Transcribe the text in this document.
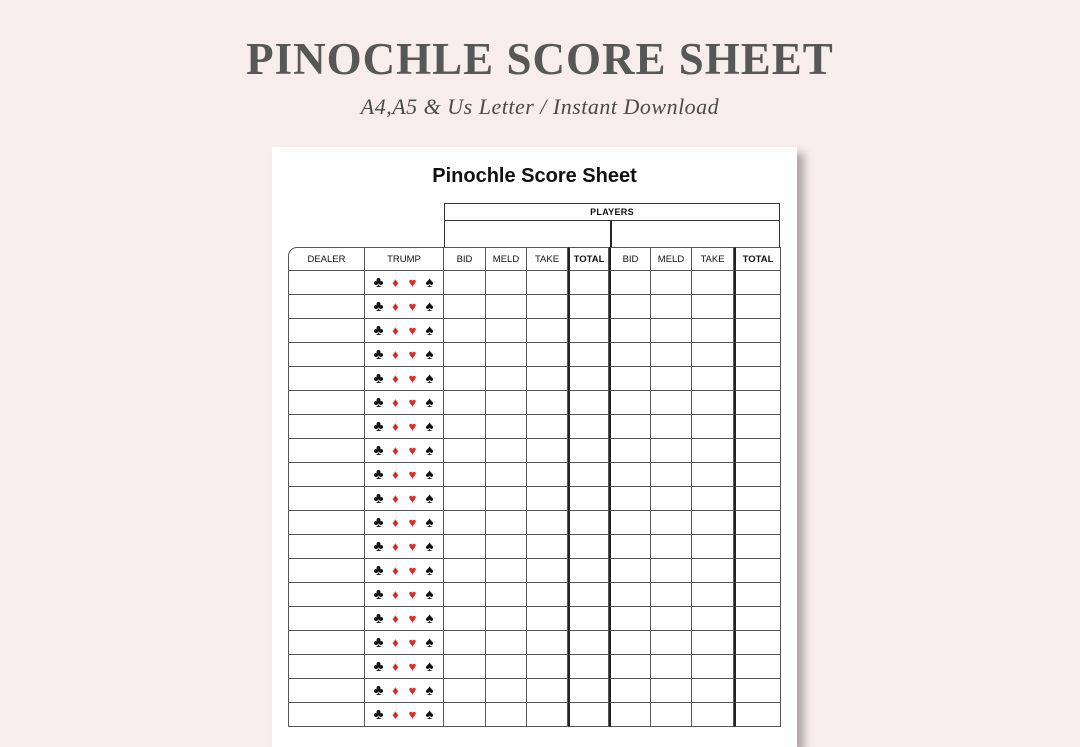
PINOCHLE SCORE SHEET

A4,A5 & Us Letter / Instant Download

Pinochle Score Sheet
PLAYERS
DEALER	TRUMP	BID	MELD	TAKE	TOTAL	BID	MELD	TAKE	TOTAL
	♣ ♦ ♥ ♠								
	♣ ♦ ♥ ♠								
	♣ ♦ ♥ ♠								
	♣ ♦ ♥ ♠								
	♣ ♦ ♥ ♠								
	♣ ♦ ♥ ♠								
	♣ ♦ ♥ ♠								
	♣ ♦ ♥ ♠								
	♣ ♦ ♥ ♠								
	♣ ♦ ♥ ♠								
	♣ ♦ ♥ ♠								
	♣ ♦ ♥ ♠								
	♣ ♦ ♥ ♠								
	♣ ♦ ♥ ♠								
	♣ ♦ ♥ ♠								
	♣ ♦ ♥ ♠								
	♣ ♦ ♥ ♠								
	♣ ♦ ♥ ♠								
	♣ ♦ ♥ ♠								
